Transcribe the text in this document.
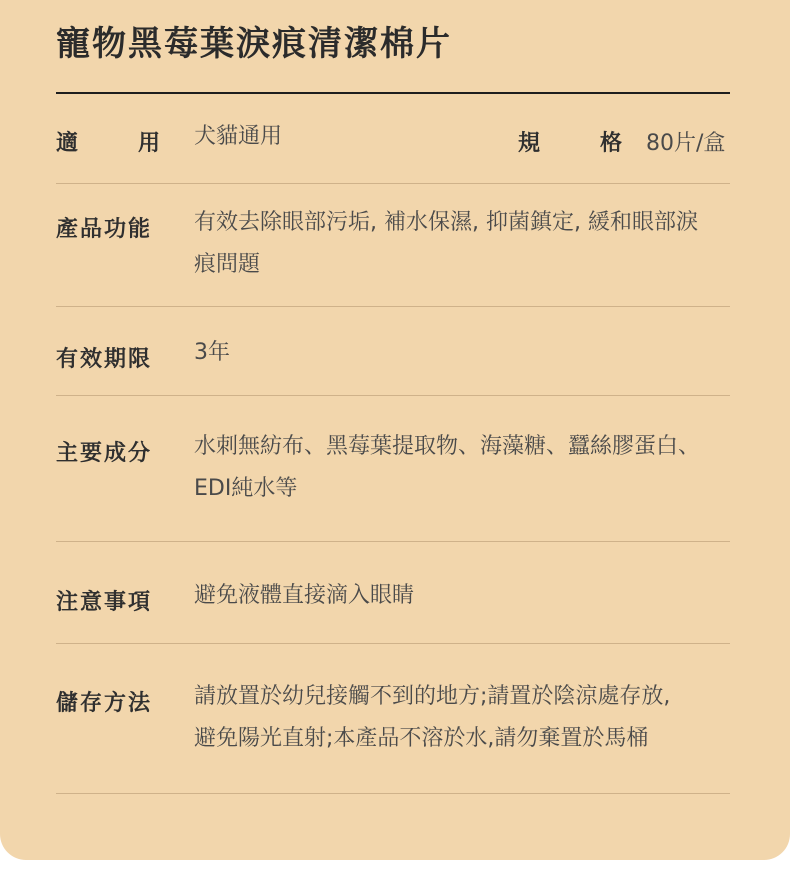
寵物黑莓葉淚痕清潔棉片
適	用 犬貓通用	規	格 80片/盒
產品功能 有效去除眼部污垢, 補水保濕, 抑菌鎮定, 緩和眼部淚
痕問題
有效期限 3年
主要成分 水刺無紡布、黑莓葉提取物、海藻糖、蠶絲膠蛋白、
EDI純水等
注意事項 避免液體直接滴入眼睛
儲存方法 請放置於幼兒接觸不到的地方;請置於陰涼處存放,
避免陽光直射;本產品不溶於水,請勿棄置於馬桶
